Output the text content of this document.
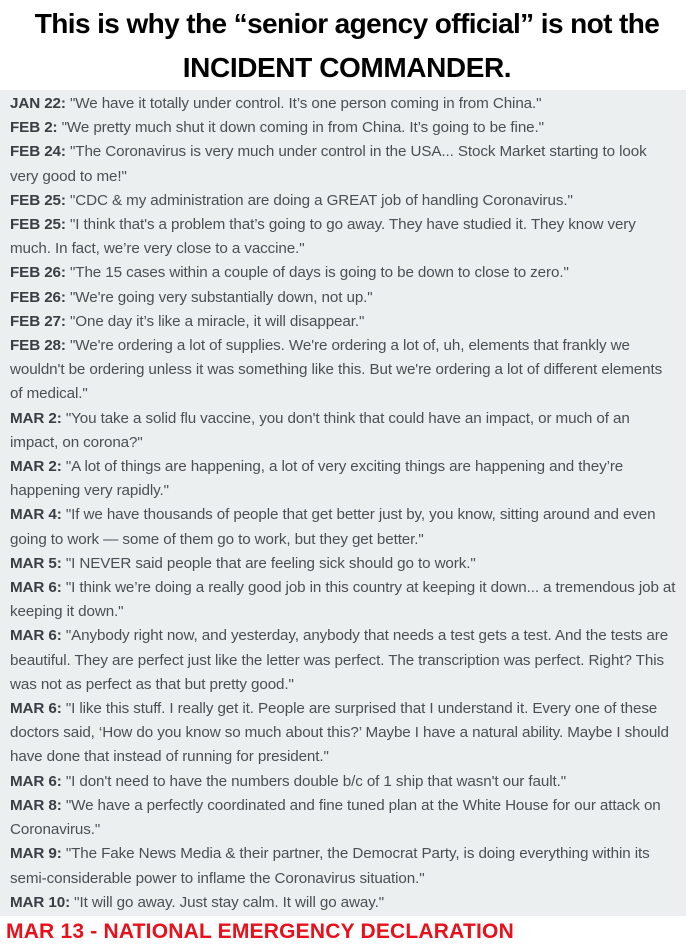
This is why the “senior agency official” is not the
INCIDENT COMMANDER.
JAN 22: "We have it totally under control. It’s one person coming in from China."
FEB 2: "We pretty much shut it down coming in from China. It’s going to be fine."
FEB 24: "The Coronavirus is very much under control in the USA... Stock Market starting to look very good to me!"
FEB 25: "CDC & my administration are doing a GREAT job of handling Coronavirus."
FEB 25: "I think that's a problem that’s going to go away. They have studied it. They know very much. In fact, we’re very close to a vaccine."
FEB 26: "The 15 cases within a couple of days is going to be down to close to zero."
FEB 26: "We're going very substantially down, not up."
FEB 27: "One day it’s like a miracle, it will disappear."
FEB 28: "We're ordering a lot of supplies. We're ordering a lot of, uh, elements that frankly we wouldn't be ordering unless it was something like this. But we're ordering a lot of different elements of medical."
MAR 2: "You take a solid flu vaccine, you don't think that could have an impact, or much of an impact, on corona?"
MAR 2: "A lot of things are happening, a lot of very exciting things are happening and they’re happening very rapidly."
MAR 4: "If we have thousands of people that get better just by, you know, sitting around and even going to work — some of them go to work, but they get better."
MAR 5: "I NEVER said people that are feeling sick should go to work."
MAR 6: "I think we’re doing a really good job in this country at keeping it down... a tremendous job at keeping it down."
MAR 6: "Anybody right now, and yesterday, anybody that needs a test gets a test. And the tests are beautiful. They are perfect just like the letter was perfect. The transcription was perfect. Right? This was not as perfect as that but pretty good."
MAR 6: "I like this stuff. I really get it. People are surprised that I understand it. Every one of these doctors said, ‘How do you know so much about this?’ Maybe I have a natural ability. Maybe I should have done that instead of running for president."
MAR 6: "I don't need to have the numbers double b/c of 1 ship that wasn't our fault."
MAR 8: "We have a perfectly coordinated and fine tuned plan at the White House for our attack on Coronavirus."
MAR 9: "The Fake News Media & their partner, the Democrat Party, is doing everything within its semi-considerable power to inflame the Coronavirus situation."
MAR 10: "It will go away. Just stay calm. It will go away."
MAR 13 - NATIONAL EMERGENCY DECLARATION
